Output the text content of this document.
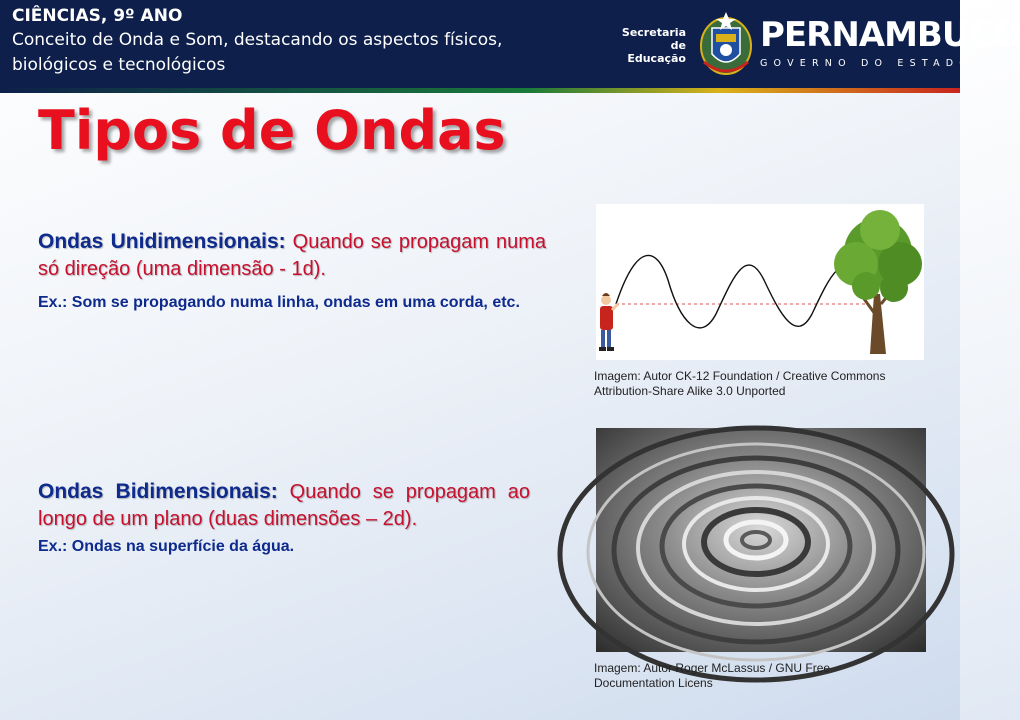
CIÊNCIAS, 9º ANO
Conceito de Onda e Som, destacando os aspectos físicos,
biológicos e tecnológicos
Secretaria de
Educação
PERNAMBUCO
GOVERNO DO ESTADO
Tipos de Ondas
Ondas Unidimensionais: Quando se propagam numa só direção (uma dimensão - 1d).
Ex.: Som se propagando numa linha, ondas em uma corda, etc.
Imagem: Autor CK-12 Foundation / Creative Commons Attribution-Share Alike 3.0 Unported
Ondas Bidimensionais: Quando se propagam ao longo de um plano (duas dimensões – 2d).
Ex.: Ondas na superfície da água.
Imagem: Autor Roger McLassus / GNU Free Documentation Licens
